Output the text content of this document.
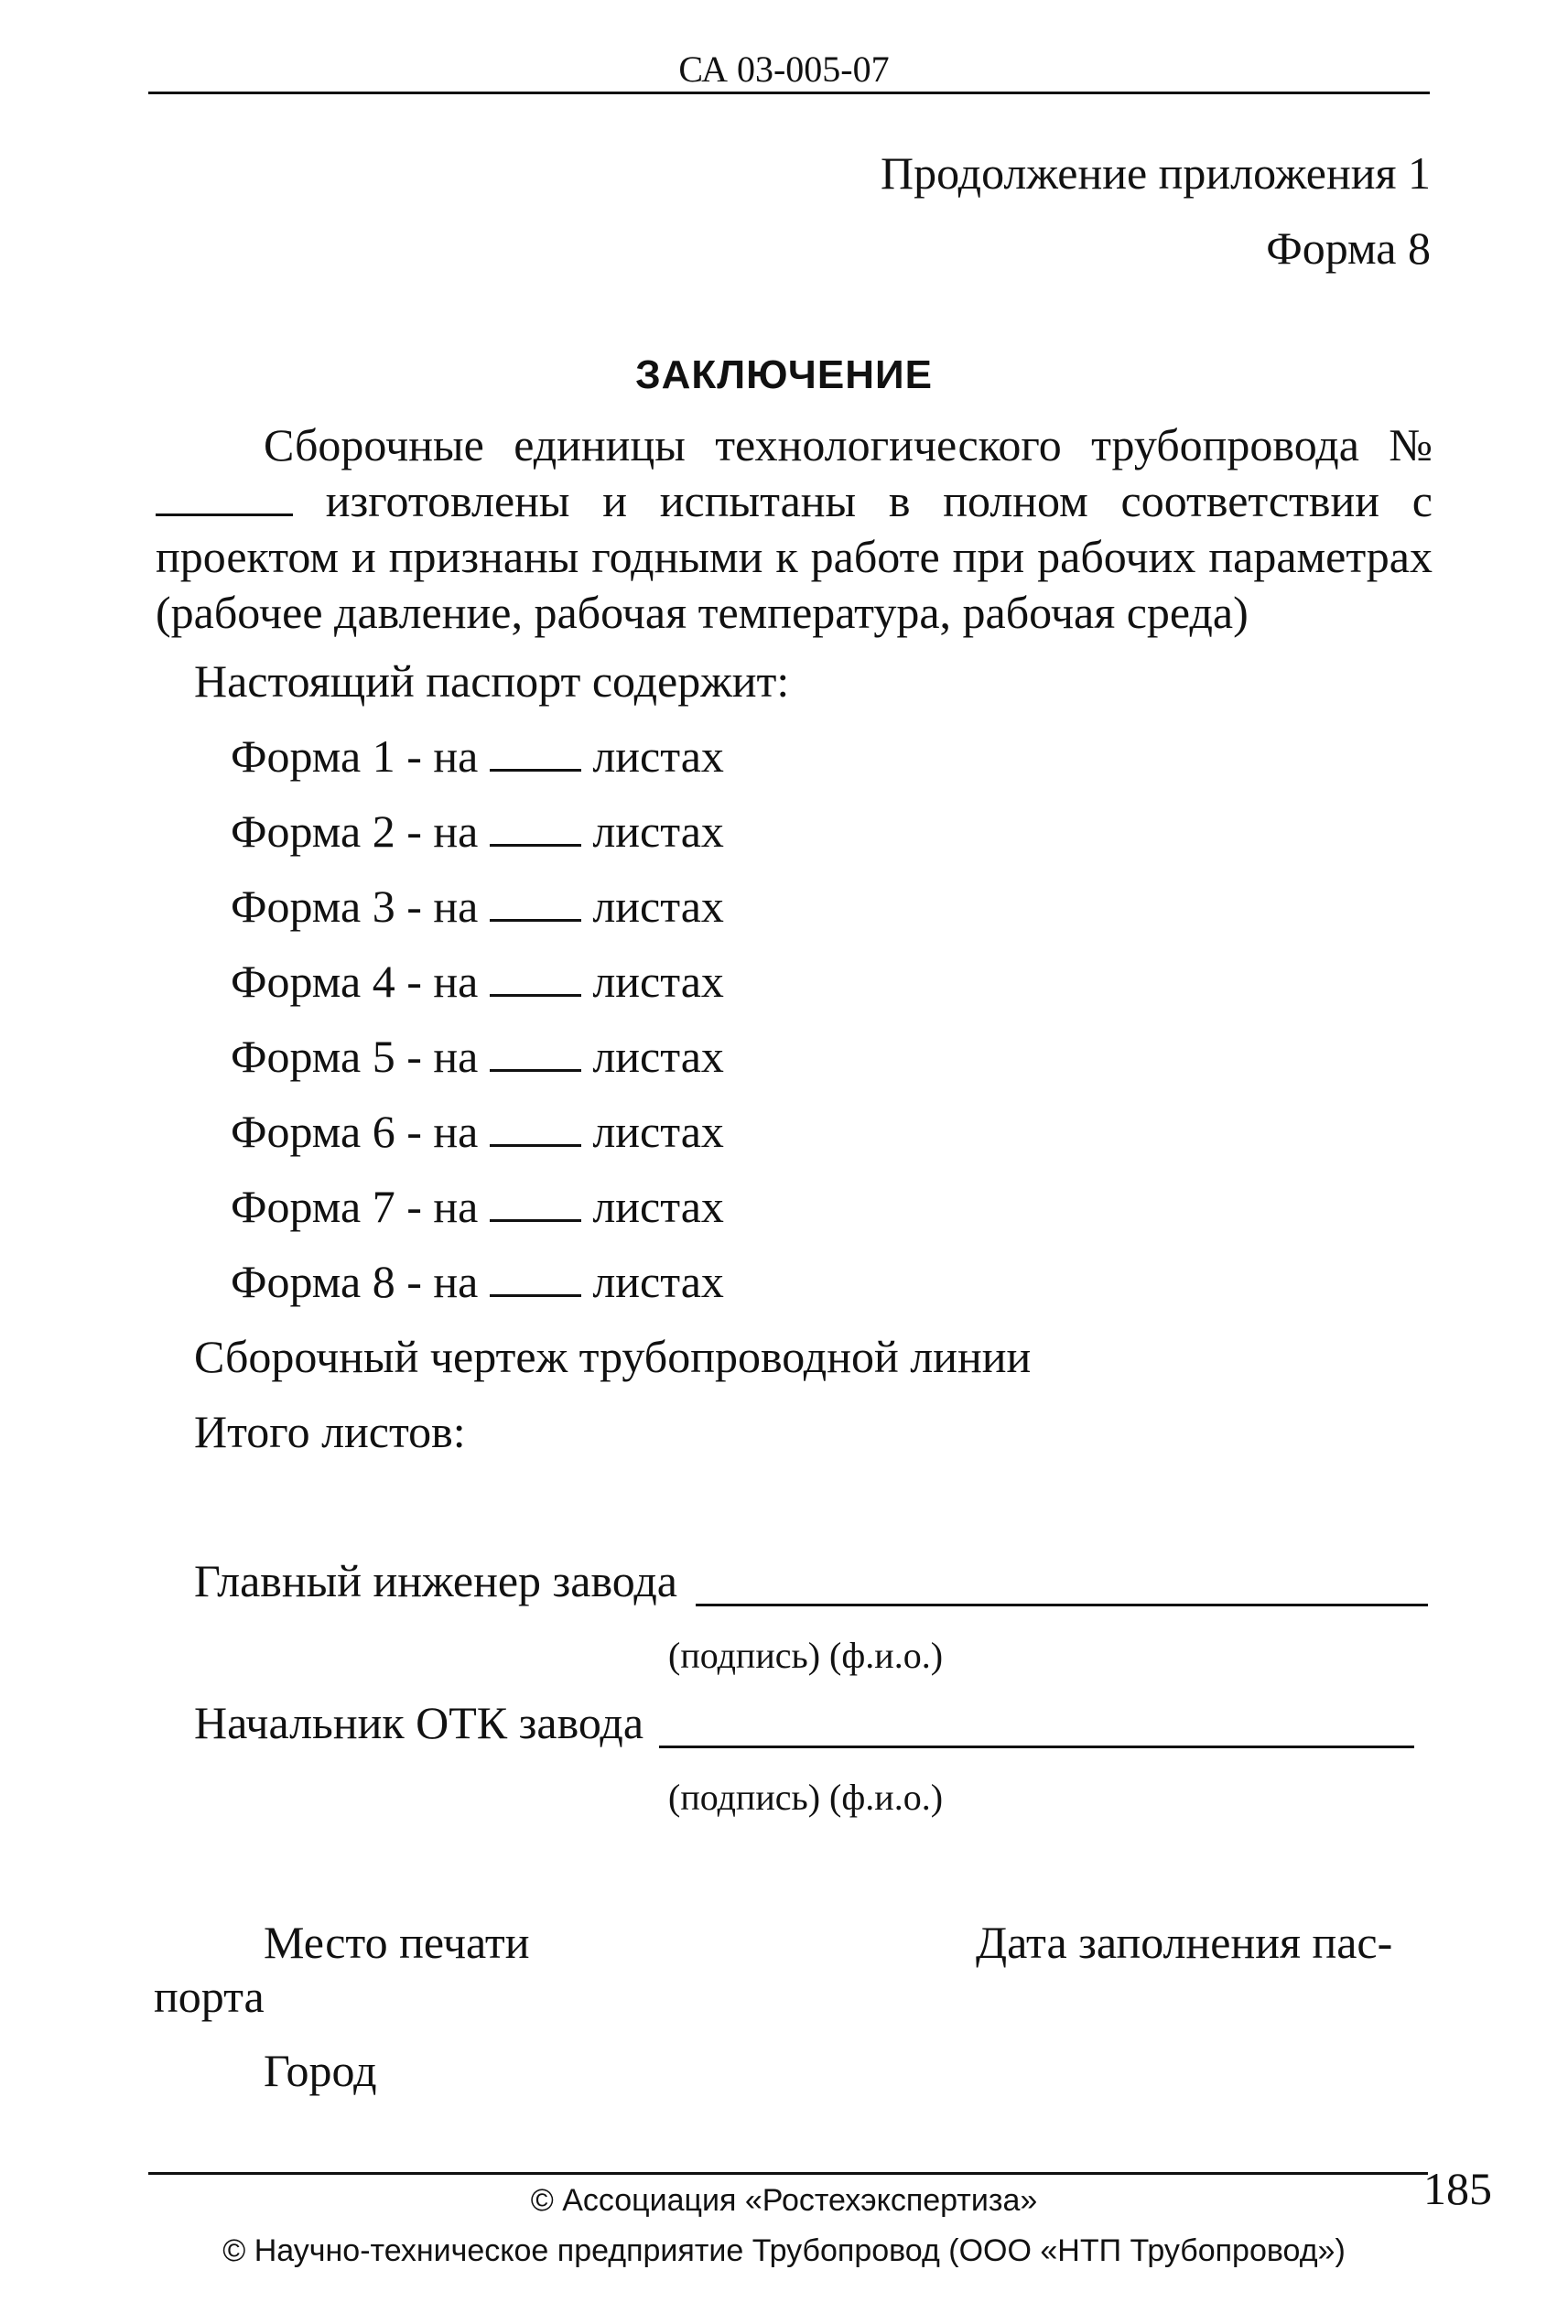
СА 03-005-07
Продолжение приложения 1
Форма 8
ЗАКЛЮЧЕНИЕ
Сборочные единицы технологического трубопровода №  изготовлены и испытаны в полном соответствии с проектом и признаны годными к работе при рабочих параметрах (рабочее давление, рабочая температура, рабочая среда)
Настоящий паспорт содержит:
Форма 1 - на	листах
Форма 2 - на	листах
Форма 3 - на	листах
Форма 4 - на	листах
Форма 5 - на	листах
Форма 6 - на	листах
Форма 7 - на	листах
Форма 8 - на	листах
Сборочный чертеж трубопроводной линии
Итого листов:
Главный инженер завода
(подпись) (ф.и.о.)
Начальник ОТК завода
(подпись) (ф.и.о.)
Место печати	Дата заполнения пас-
порта
Город
© Ассоциация «Ростехэкспертиза»
© Научно-техническое предприятие Трубопровод (ООО «НТП Трубопровод»)
185
